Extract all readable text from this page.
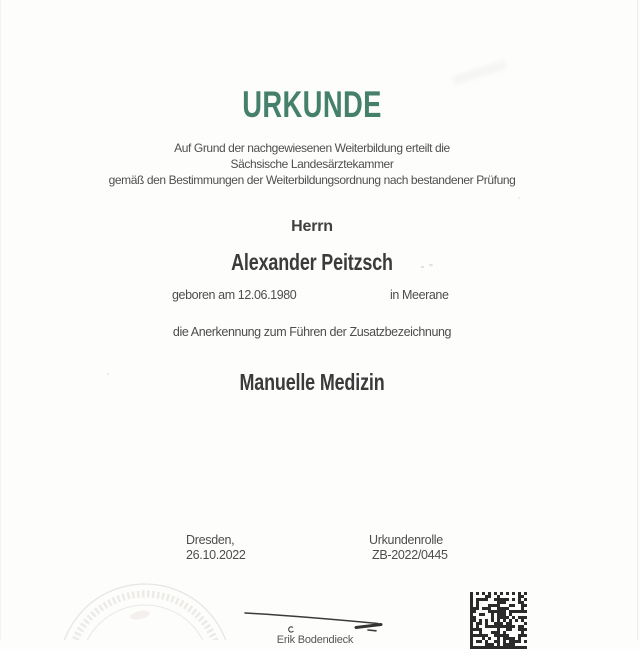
URKUNDE
Auf Grund der nachgewiesenen Weiterbildung erteilt die
Sächsische Landesärztekammer
gemäß den Bestimmungen der Weiterbildungsordnung nach bestandener Prüfung
Herrn
Alexander Peitzsch
geboren am 12.06.1980	in Meerane
die Anerkennung zum Führen der Zusatzbezeichnung
Manuelle Medizin
Dresden,
26.10.2022
Urkundenrolle
ZB-2022/0445
Erik Bodendieck
